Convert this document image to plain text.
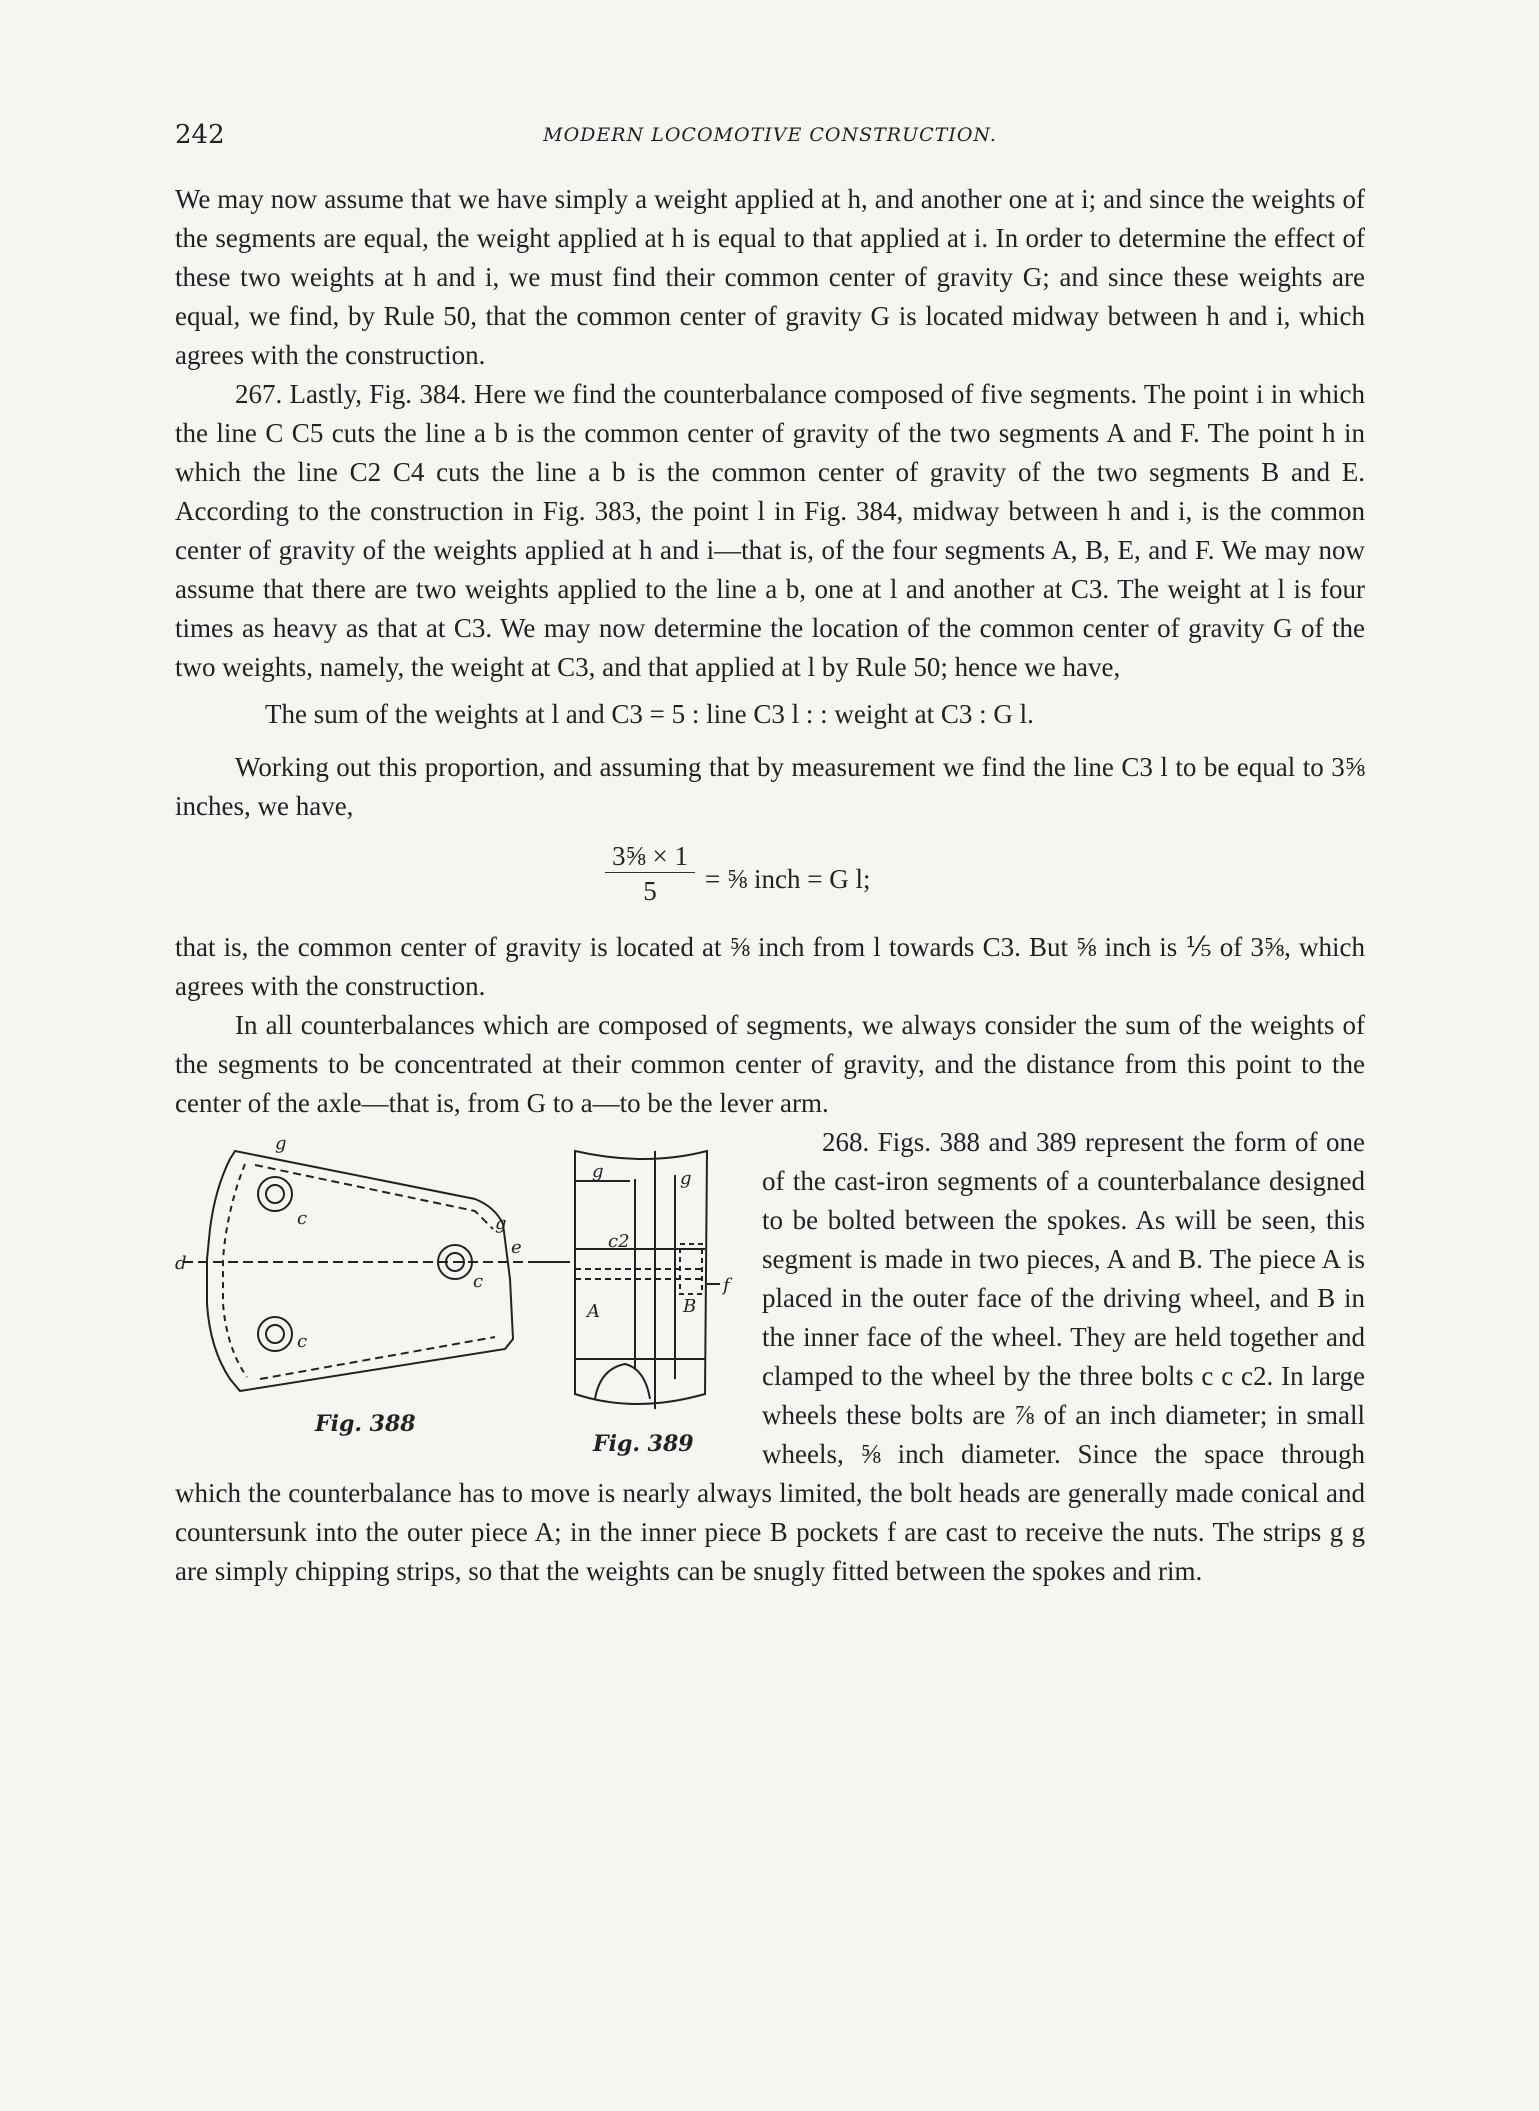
242	MODERN LOCOMOTIVE CONSTRUCTION.

We may now assume that we have simply a weight applied at h, and another one at i; and since the weights of the segments are equal, the weight applied at h is equal to that applied at i. In order to determine the effect of these two weights at h and i, we must find their common center of gravity G; and since these weights are equal, we find, by Rule 50, that the common center of gravity G is located midway between h and i, which agrees with the construction.

267. Lastly, Fig. 384. Here we find the counterbalance composed of five segments. The point i in which the line C C5 cuts the line a b is the common center of gravity of the two segments A and F. The point h in which the line C2 C4 cuts the line a b is the common center of gravity of the two segments B and E. According to the construction in Fig. 383, the point l in Fig. 384, midway between h and i, is the common center of gravity of the weights applied at h and i—that is, of the four segments A, B, E, and F. We may now assume that there are two weights applied to the line a b, one at l and another at C3. The weight at l is four times as heavy as that at C3. We may now determine the location of the common center of gravity G of the two weights, namely, the weight at C3, and that applied at l by Rule 50; hence we have,

The sum of the weights at l and C3 = 5 : line C3 l : : weight at C3 : G l.

Working out this proportion, and assuming that by measurement we find the line C3 l to be equal to 3⅝ inches, we have,

$\frac{\text{3⅝ × 1}}{5}$ = ⅝ inch = G l;

that is, the common center of gravity is located at ⅝ inch from l towards C3. But ⅝ inch is ⅕ of 3⅝, which agrees with the construction.

In all counterbalances which are composed of segments, we always consider the sum of the weights of the segments to be concentrated at their common center of gravity, and the distance from this point to the center of the axle—that is, from G to a—to be the lever arm.

g
g
c
c
c
d
e
g	g
c2
A	B
f
Fig. 388
Fig. 389

268. Figs. 388 and 389 represent the form of one of the cast-iron segments of a counterbalance designed to be bolted between the spokes. As will be seen, this segment is made in two pieces, A and B. The piece A is placed in the outer face of the driving wheel, and B in the inner face of the wheel. They are held together and clamped to the wheel by the three bolts c c c2. In large wheels these bolts are ⅞ of an inch diameter; in small wheels, ⅝ inch diameter. Since the space through which the counterbalance has to move is nearly always limited, the bolt heads are generally made conical and countersunk into the outer piece A; in the inner piece B pockets f are cast to receive the nuts. The strips g g are simply chipping strips, so that the weights can be snugly fitted between the spokes and rim.
